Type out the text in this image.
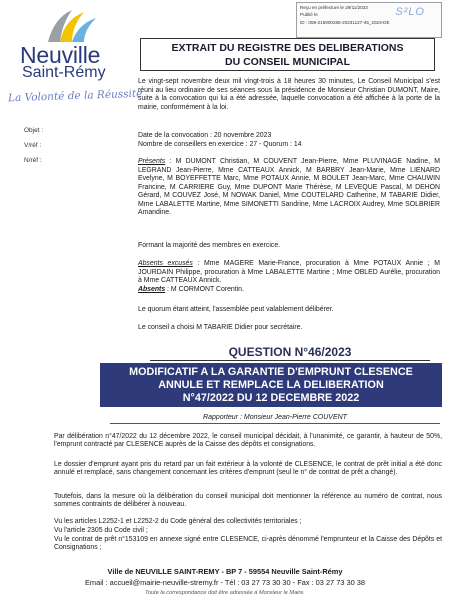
Reçu en préfecture le 29/11/2023
Publié le
ID : 059-215900285-20231127-46_2023-DE
S²LO
Neuville
Saint-Rémy
La Volonté de la Réussite
Objet :
V/réf :
N/réf :
EXTRAIT DU REGISTRE DES DELIBERATIONS
DU CONSEIL MUNICIPAL
Le vingt-sept novembre deux mil vingt-trois à 18 heures 30 minutes, Le Conseil Municipal s'est réuni au lieu ordinaire de ses séances sous la présidence de Monsieur Christian DUMONT, Maire, suite à la convocation qui lui a été adressée, laquelle convocation a été affichée à la porte de la mairie, conformément à la loi.
Date de la convocation : 20 novembre 2023
Nombre de conseillers en exercice : 27 - Quorum : 14
Présents : M DUMONT Christian, M COUVENT Jean-Pierre, Mme PLUVINAGE Nadine, M LEGRAND Jean-Pierre, Mme CATTEAUX Annick, M BARBRY Jean-Marie, Mme LIENARD Evelyne, M BOYEFFETTE Marc, Mme POTAUX Annie, M BOULET Jean-Marc, Mme CHAUWIN Francine, M CARRIERE Guy, Mme DUPONT Marie Thérèse, M LEVEQUE Pascal, M DEHON Gérard, M COUVEZ José, M NOWAK Daniel, Mme COUTELARD Catherine, M TABARIE Didier, Mme LABALETTE Martine, Mme SIMONETTI Sandrine, Mme LACROIX Audrey, Mme SOLBRIER Amandine.
Formant la majorité des membres en exercice.
Absents excusés : Mme MAGERE Marie-France, procuration à Mme POTAUX Annie ; M JOURDAIN Philippe, procuration à Mme LABALETTE Martine ; Mme OBLED Aurélie, procuration à Mme CATTEAUX Annick.
Absents : M CORMONT Corentin.
Le quorum étant atteint, l'assemblée peut valablement délibérer.
Le conseil a choisi M TABARIE Didier pour secrétaire.
QUESTION N°46/2023
MODIFICATIF A LA GARANTIE D'EMPRUNT CLESENCE
ANNULE ET REMPLACE LA DELIBERATION
N°47/2022 DU 12 DECEMBRE 2022
Rapporteur : Monsieur Jean-Pierre COUVENT
Par délibération n°47/2022 du 12 décembre 2022, le conseil municipal décidait, à l'unanimité, ce garantir, à hauteur de 50%, l'emprunt contracté par CLESENCE auprès de la Caisse des dépôts et consignations.
Le dossier d'emprunt ayant pris du retard par un fait extérieur à la volonté de CLESENCE, le contrat de prêt initial a été donc annulé et remplacé, sans changement concernant les critères d'emprunt (seul le n° de contrat de prêt a changé).
Toutefois, dans la mesure où la délibération du conseil municipal doit mentionner la référence au numéro de contrat, nous sommes contraints de délibérer à nouveau.
Vu les articles L2252-1 et L2252-2 du Code général des collectivités territoriales ;
Vu l'article 2305 du Code civil ;
Vu le contrat de prêt n°153109 en annexe signé entre CLESENCE, ci-après dénommé l'emprunteur et la Caisse des Dépôts et Consignations ;
Ville de NEUVILLE SAINT-REMY - BP 7 - 59554 Neuville Saint-Rémy
Email : accueil@mairie-neuville-stremy.fr - Tél : 03 27 73 30 30 - Fax : 03 27 73 30 38
Toute la correspondance doit être adressée à Monsieur le Maire.
